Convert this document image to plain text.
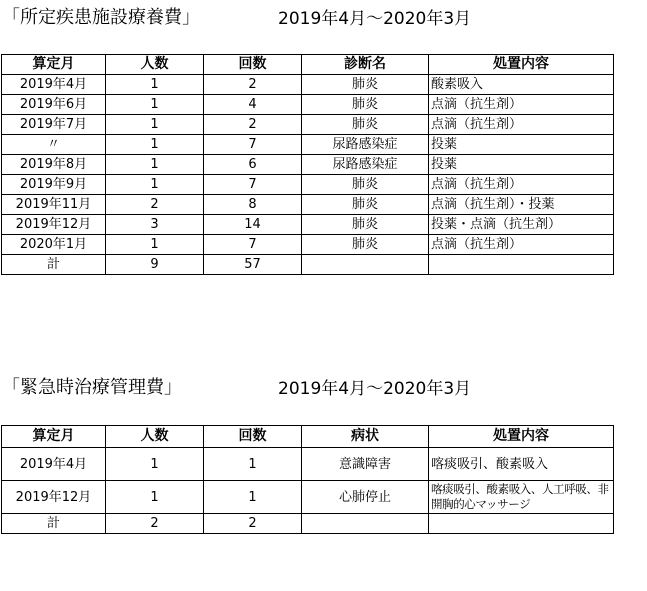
「所定疾患施設療養費」	2019年4月～2020年3月
算定月	人数	回数	診断名	処置内容
2019年4月	1	2	肺炎	酸素吸入
2019年6月	1	4	肺炎	点滴（抗生剤）
2019年7月	1	2	肺炎	点滴（抗生剤）
〃	1	7	尿路感染症	投薬
2019年8月	1	6	尿路感染症	投薬
2019年9月	1	7	肺炎	点滴（抗生剤）
2019年11月	2	8	肺炎	点滴（抗生剤）・投薬
2019年12月	3	14	肺炎	投薬・点滴（抗生剤）
2020年1月	1	7	肺炎	点滴（抗生剤）
計	9	57		
「緊急時治療管理費」	2019年4月～2020年3月
算定月	人数	回数	病状	処置内容
2019年4月	1	1	意識障害	喀痰吸引、酸素吸入
2019年12月	1	1	心肺停止	喀痰吸引、酸素吸入、人工呼吸、非開胸的心マッサージ
計	2	2		
